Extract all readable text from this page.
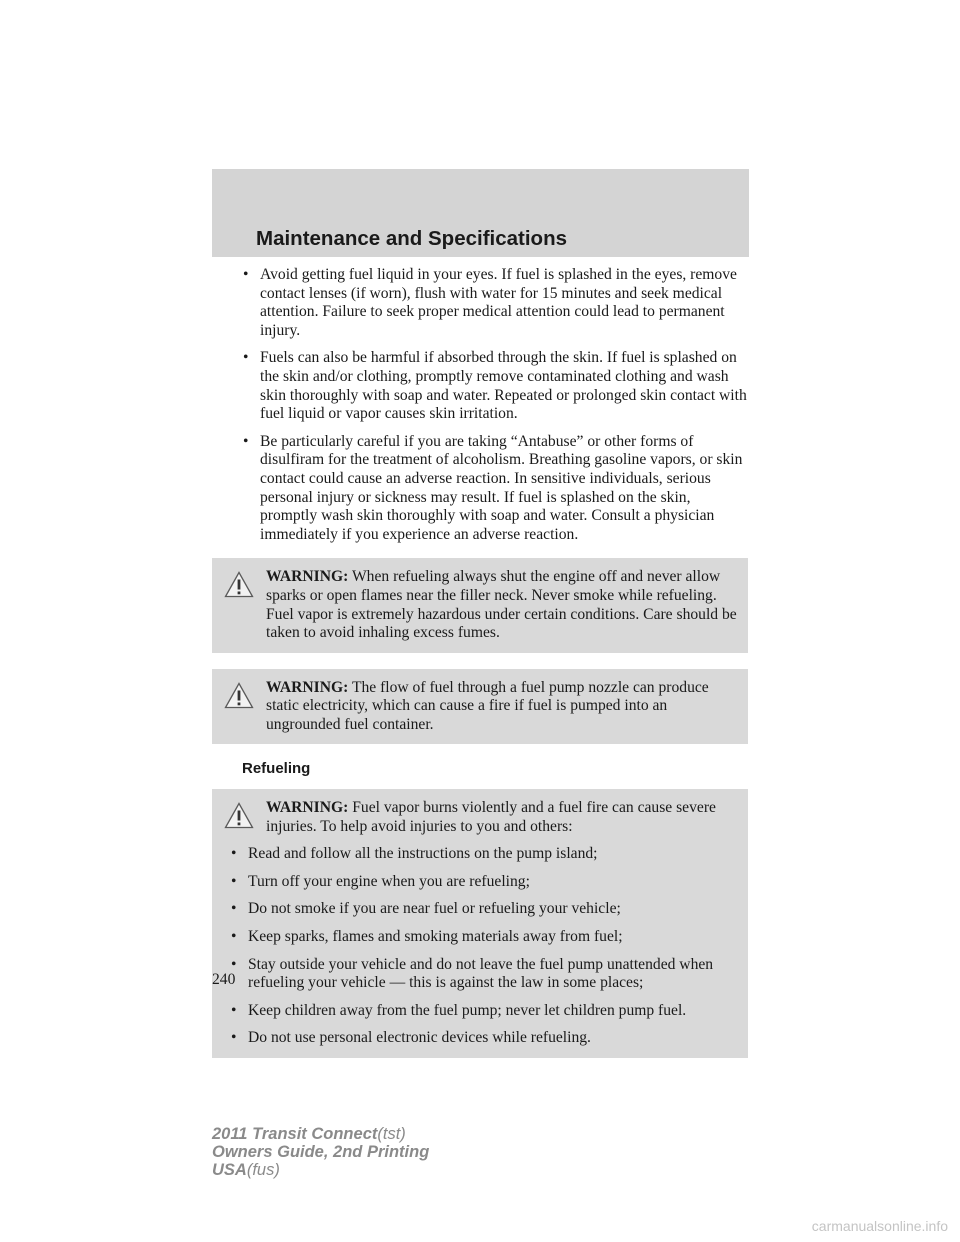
Maintenance and Specifications
• Avoid getting fuel liquid in your eyes. If fuel is splashed in the eyes, remove contact lenses (if worn), flush with water for 15 minutes and seek medical attention. Failure to seek proper medical attention could lead to permanent injury.
• Fuels can also be harmful if absorbed through the skin. If fuel is splashed on the skin and/or clothing, promptly remove contaminated clothing and wash skin thoroughly with soap and water. Repeated or prolonged skin contact with fuel liquid or vapor causes skin irritation.
• Be particularly careful if you are taking “Antabuse” or other forms of disulfiram for the treatment of alcoholism. Breathing gasoline vapors, or skin contact could cause an adverse reaction. In sensitive individuals, serious personal injury or sickness may result. If fuel is splashed on the skin, promptly wash skin thoroughly with soap and water. Consult a physician immediately if you experience an adverse reaction.
WARNING: When refueling always shut the engine off and never allow sparks or open flames near the filler neck. Never smoke while refueling. Fuel vapor is extremely hazardous under certain conditions. Care should be taken to avoid inhaling excess fumes.
WARNING: The flow of fuel through a fuel pump nozzle can produce static electricity, which can cause a fire if fuel is pumped into an ungrounded fuel container.
Refueling
WARNING: Fuel vapor burns violently and a fuel fire can cause severe injuries. To help avoid injuries to you and others:
• Read and follow all the instructions on the pump island;
• Turn off your engine when you are refueling;
• Do not smoke if you are near fuel or refueling your vehicle;
• Keep sparks, flames and smoking materials away from fuel;
• Stay outside your vehicle and do not leave the fuel pump unattended when refueling your vehicle — this is against the law in some places;
• Keep children away from the fuel pump; never let children pump fuel.
• Do not use personal electronic devices while refueling.
240
2011 Transit Connect(tst)
Owners Guide, 2nd Printing
USA(fus)
carmanualsonline.info
